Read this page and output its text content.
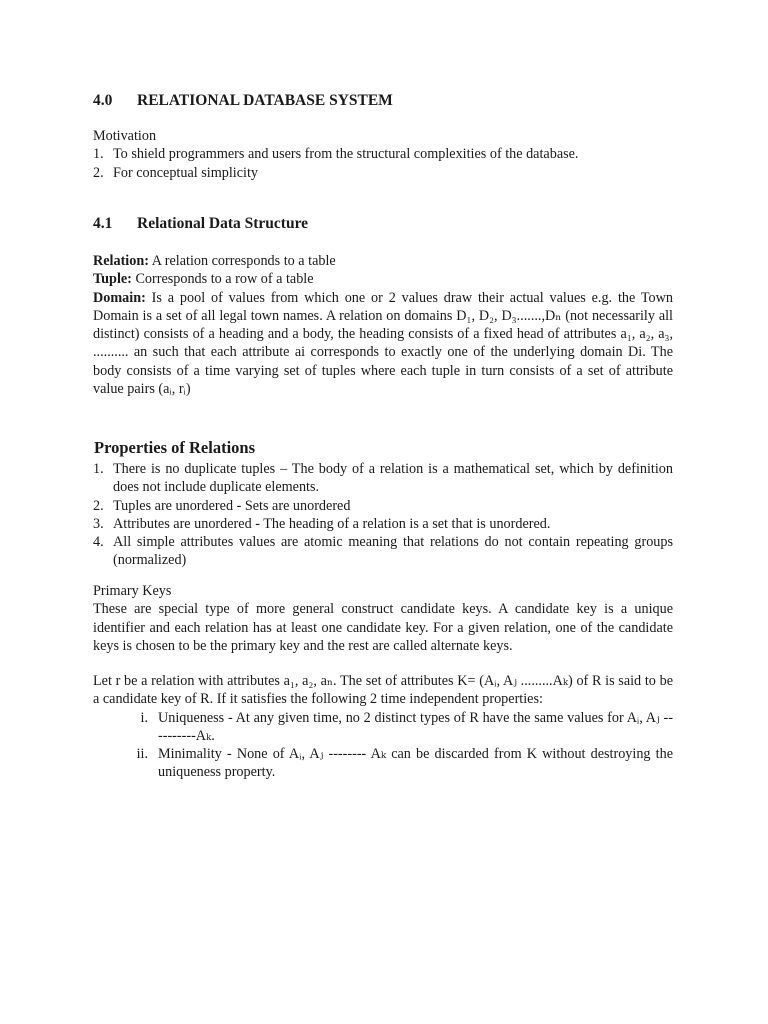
4.0	RELATIONAL DATABASE SYSTEM

Motivation

1. To shield programmers and users from the structural complexities of the database.
2. For conceptual simplicity
4.1	Relational Data Structure

Relation: A relation corresponds to a table

Tuple: Corresponds to a row of a table

Domain: Is a pool of values from which one or 2 values draw their actual values e.g. the Town Domain is a set of all legal town names. A relation on domains D₁, D₂, D₃.......,Dₙ (not necessarily all distinct) consists of a heading and a body, the heading consists of a fixed head of attributes a₁, a₂, a₃, .......... an such that each attribute ai corresponds to exactly one of the underlying domain Di. The body consists of a time varying set of tuples where each tuple in turn consists of a set of attribute value pairs (aᵢ, rᵢ)

Properties of Relations
1. There is no duplicate tuples – The body of a relation is a mathematical set, which by definition does not include duplicate elements.
2. Tuples are unordered - Sets are unordered
3. Attributes are unordered - The heading of a relation is a set that is unordered.
4. All simple attributes values are atomic meaning that relations do not contain repeating groups (normalized)

Primary Keys

These are special type of more general construct candidate keys. A candidate key is a unique identifier and each relation has at least one candidate key. For a given relation, one of the candidate keys is chosen to be the primary key and the rest are called alternate keys.

Let r be a relation with attributes a₁, a₂, aₙ. The set of attributes K= (Aᵢ, Aⱼ .........Aₖ) of R is said to be a candidate key of R. If it satisfies the following 2 time independent properties:

i. Uniqueness - At any given time, no 2 distinct types of R have the same values for Aᵢ, Aⱼ ----------Aₖ.
ii. Minimality - None of Aᵢ, Aⱼ -------- Aₖ can be discarded from K without destroying the uniqueness property.
